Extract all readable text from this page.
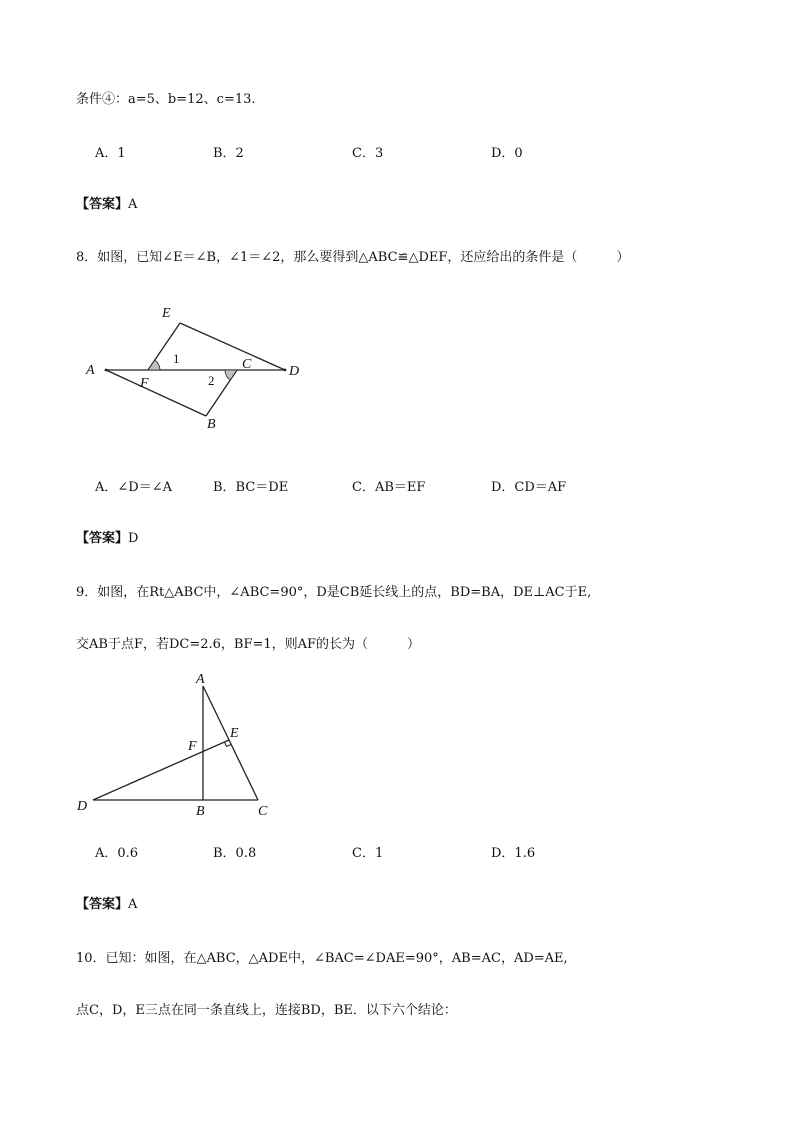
条件④：a=5、b=12、c=13.
A．1	B．2	C．3	D．0
【答案】A
8．如图，已知∠E＝∠B，∠1＝∠2，那么要得到△ABC≌△DEF，还应给出的条件是（　　　）
A
B
C	D
E
F
1
2
A．∠D＝∠A	B．BC＝DE	C．AB＝EF	D．CD＝AF
【答案】D
9．如图，在Rt△ABC中，∠ABC=90°，D是CB延长线上的点，BD=BA，DE⊥AC于E,
交AB于点F，若DC=2.6，BF=1，则AF的长为（　　　）
A
B	C
D
E
F
A．0.6	B．0.8	C．1	D．1.6
【答案】A
10．已知：如图，在△ABC，△ADE中，∠BAC=∠DAE=90°，AB=AC，AD=AE,
点C，D，E三点在同一条直线上，连接BD，BE．以下六个结论：
